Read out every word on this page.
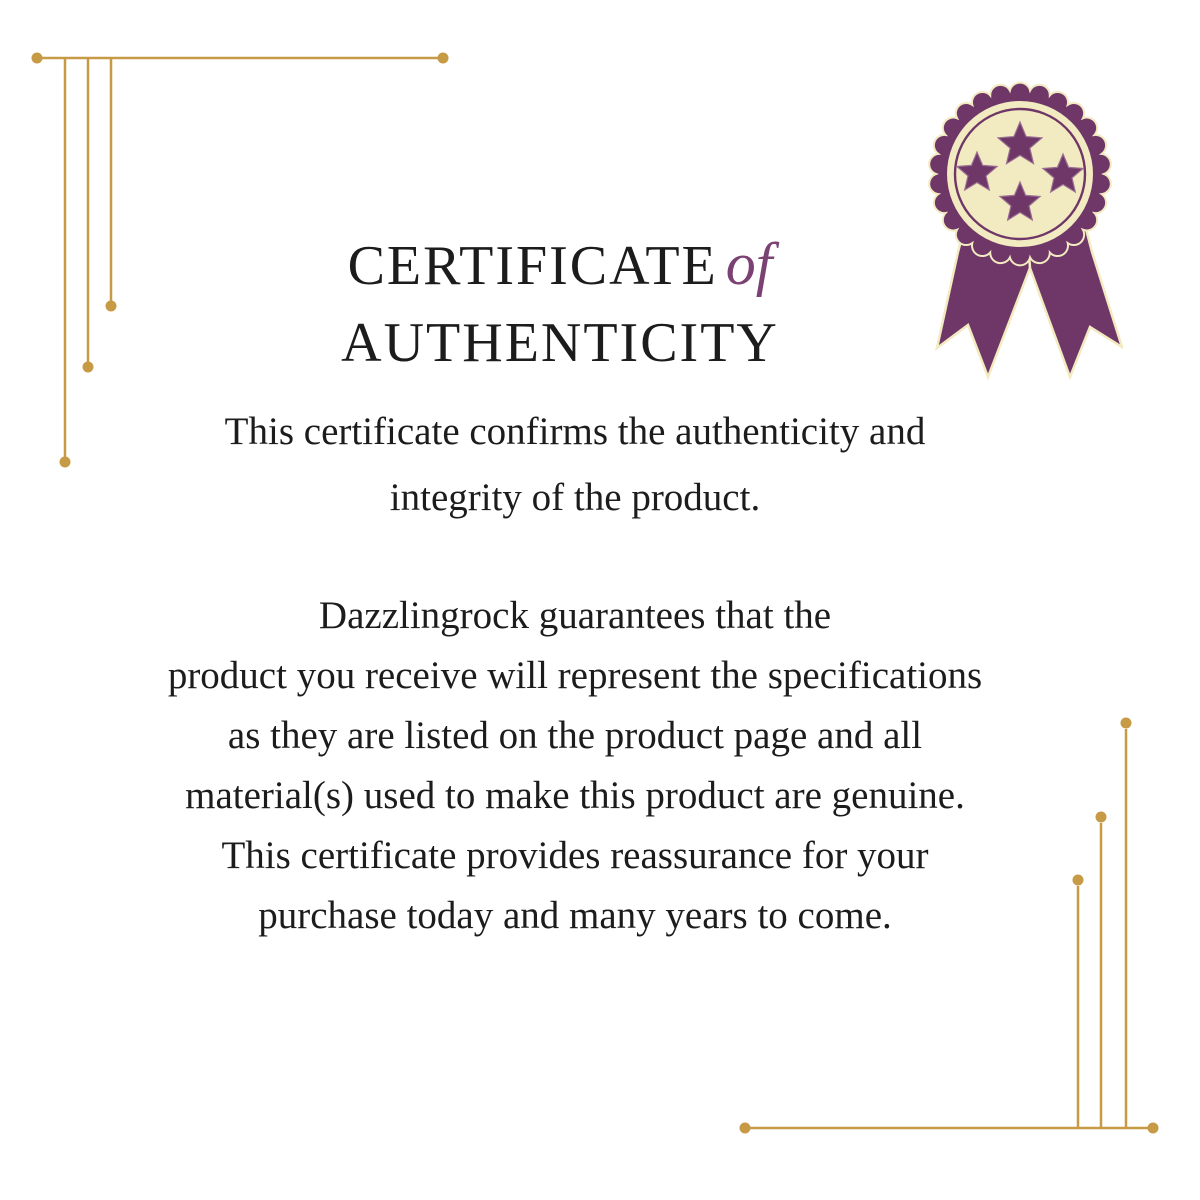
CERTIFICATE of
AUTHENTICITY
This certificate confirms the authenticity and
integrity of the product.
Dazzlingrock guarantees that the
product you receive will represent the specifications
as they are listed on the product page and all
material(s) used to make this product are genuine.
This certificate provides reassurance for your
purchase today and many years to come.
